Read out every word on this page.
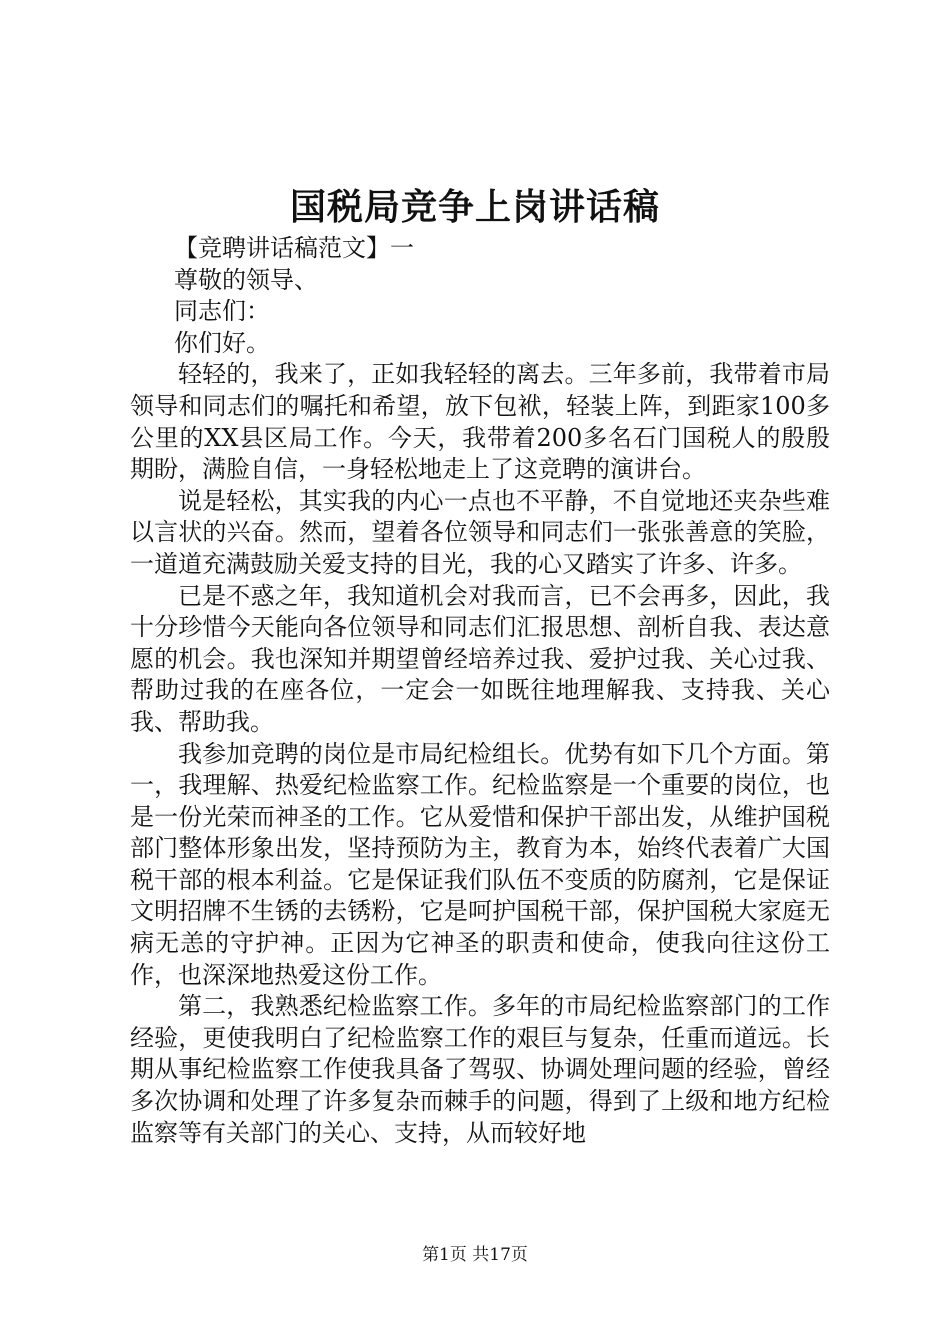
国税局竞争上岗讲话稿

【竞聘讲话稿范文】一

尊敬的领导、

同志们：

你们好。

轻轻的，我来了，正如我轻轻的离去。三年多前，我带着市局领导和同志们的嘱托和希望，放下包袱，轻装上阵，到距家100多公里的XX县区局工作。今天，我带着200多名石门国税人的殷殷期盼，满脸自信，一身轻松地走上了这竞聘的演讲台。

说是轻松，其实我的内心一点也不平静，不自觉地还夹杂些难以言状的兴奋。然而，望着各位领导和同志们一张张善意的笑脸，一道道充满鼓励关爱支持的目光，我的心又踏实了许多、许多。

已是不惑之年，我知道机会对我而言，已不会再多，因此，我十分珍惜今天能向各位领导和同志们汇报思想、剖析自我、表达意愿的机会。我也深知并期望曾经培养过我、爱护过我、关心过我、帮助过我的在座各位，一定会一如既往地理解我、支持我、关心我、帮助我。

我参加竞聘的岗位是市局纪检组长。优势有如下几个方面。第一，我理解、热爱纪检监察工作。纪检监察是一个重要的岗位，也是一份光荣而神圣的工作。它从爱惜和保护干部出发，从维护国税部门整体形象出发，坚持预防为主，教育为本，始终代表着广大国税干部的根本利益。它是保证我们队伍不变质的防腐剂，它是保证文明招牌不生锈的去锈粉，它是呵护国税干部，保护国税大家庭无病无恙的守护神。正因为它神圣的职责和使命，使我向往这份工作，也深深地热爱这份工作。

第二，我熟悉纪检监察工作。多年的市局纪检监察部门的工作经验，更使我明白了纪检监察工作的艰巨与复杂，任重而道远。长期从事纪检监察工作使我具备了驾驭、协调处理问题的经验，曾经多次协调和处理了许多复杂而棘手的问题，得到了上级和地方纪检监察等有关部门的关心、支持，从而较好地

第1页 共17页
